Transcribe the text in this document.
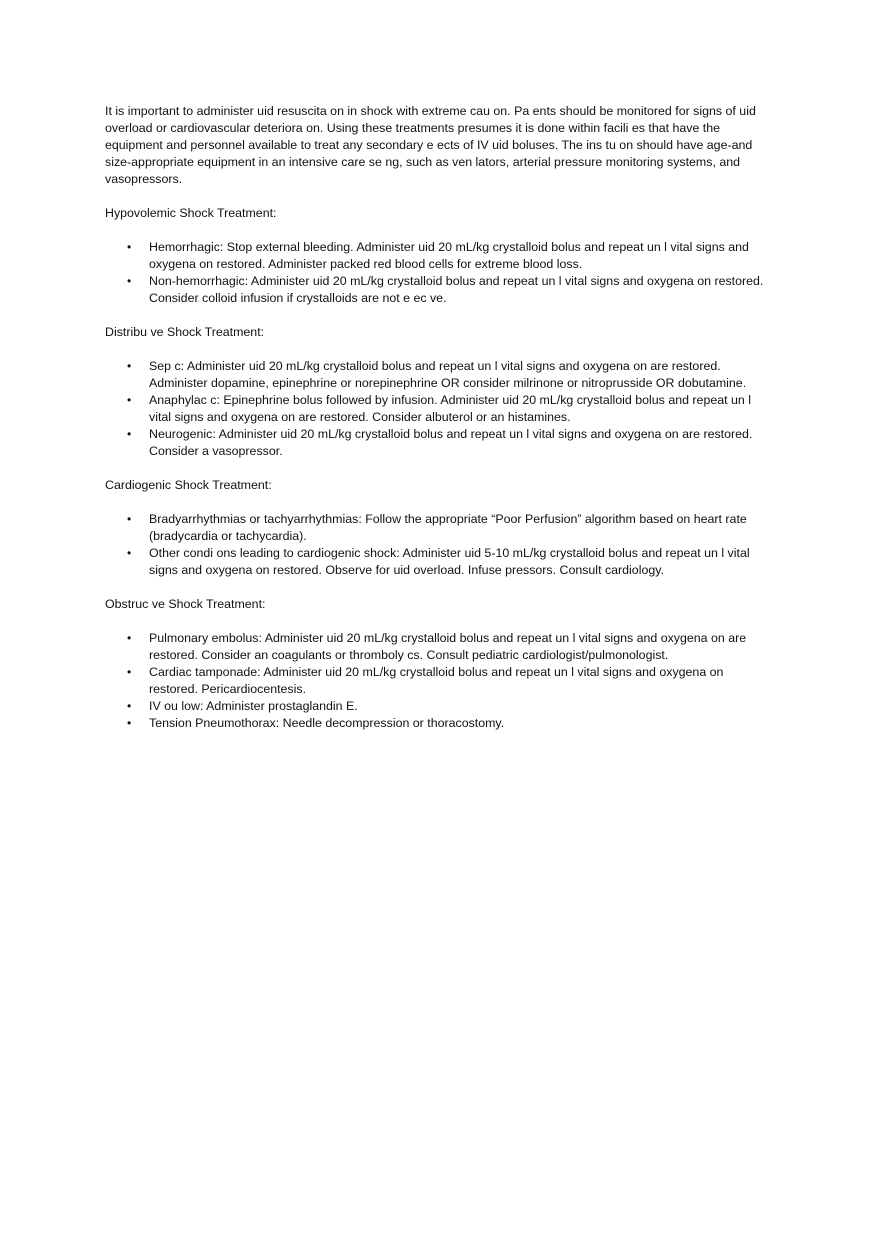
It is important to administer uid resuscita on in shock with extreme cau on. Pa ents should be monitored for signs of uid overload or cardiovascular deteriora on. Using these treatments presumes it is done within facili es that have the equipment and personnel available to treat any secondary e ects of IV uid boluses. The ins tu on should have age-and size-appropriate equipment in an intensive care se ng, such as ven lators, arterial pressure monitoring systems, and vasopressors.

Hypovolemic Shock Treatment:

• Hemorrhagic: Stop external bleeding. Administer uid 20 mL/kg crystalloid bolus and repeat un l vital signs and oxygena on restored. Administer packed red blood cells for extreme blood loss.
• Non-hemorrhagic: Administer uid 20 mL/kg crystalloid bolus and repeat un l vital signs and oxygena on restored. Consider colloid infusion if crystalloids are not e ec ve.

Distribu ve Shock Treatment:

• Sep c: Administer uid 20 mL/kg crystalloid bolus and repeat un l vital signs and oxygena on are restored. Administer dopamine, epinephrine or norepinephrine OR consider milrinone or nitroprusside OR dobutamine.
• Anaphylac c: Epinephrine bolus followed by infusion. Administer uid 20 mL/kg crystalloid bolus and repeat un l vital signs and oxygena on are restored. Consider albuterol or an histamines.
• Neurogenic: Administer uid 20 mL/kg crystalloid bolus and repeat un l vital signs and oxygena on are restored. Consider a vasopressor.

Cardiogenic Shock Treatment:

• Bradyarrhythmias or tachyarrhythmias: Follow the appropriate “Poor Perfusion” algorithm based on heart rate (bradycardia or tachycardia).
• Other condi ons leading to cardiogenic shock: Administer uid 5-10 mL/kg crystalloid bolus and repeat un l vital signs and oxygena on restored. Observe for uid overload. Infuse pressors. Consult cardiology.

Obstruc ve Shock Treatment:

• Pulmonary embolus: Administer uid 20 mL/kg crystalloid bolus and repeat un l vital signs and oxygena on are restored. Consider an coagulants or thromboly cs. Consult pediatric cardiologist/pulmonologist.
• Cardiac tamponade: Administer uid 20 mL/kg crystalloid bolus and repeat un l vital signs and oxygena on restored. Pericardiocentesis.
• IV ou low: Administer prostaglandin E.
• Tension Pneumothorax: Needle decompression or thoracostomy.
